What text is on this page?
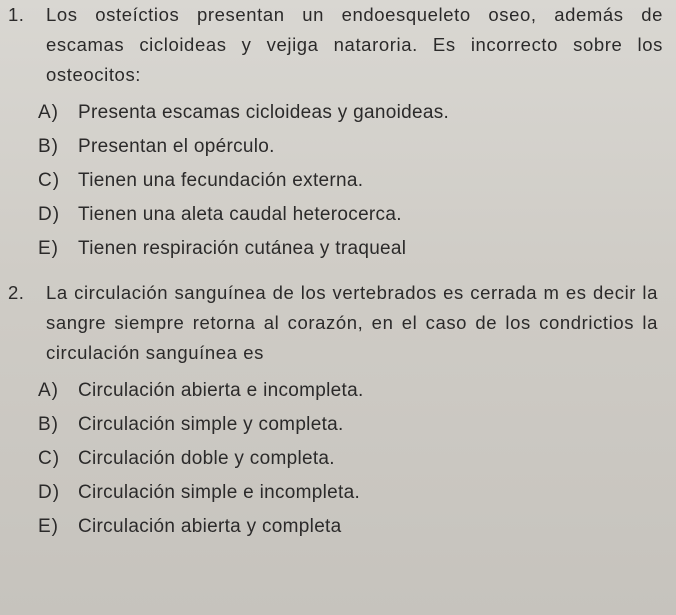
1.	Los osteíctios presentan un endoesqueleto oseo, además de escamas cicloideas y vejiga nataroria. Es incorrecto sobre los osteocitos:
A)	Presenta escamas cicloideas y ganoideas.
B)	Presentan el opérculo.
C) Tienen una fecundación externa.
D) Tienen una aleta caudal heterocerca.
E)	Tienen respiración cutánea y traqueal
2.	La circulación sanguínea de los vertebrados es cerrada m es decir la sangre siempre retorna al corazón, en el caso de los condrictios la circulación sanguínea es
A)	Circulación abierta e incompleta.
B)	Circulación simple y completa.
C) Circulación doble y completa.
D) Circulación simple e incompleta.
E)	Circulación abierta y completa
